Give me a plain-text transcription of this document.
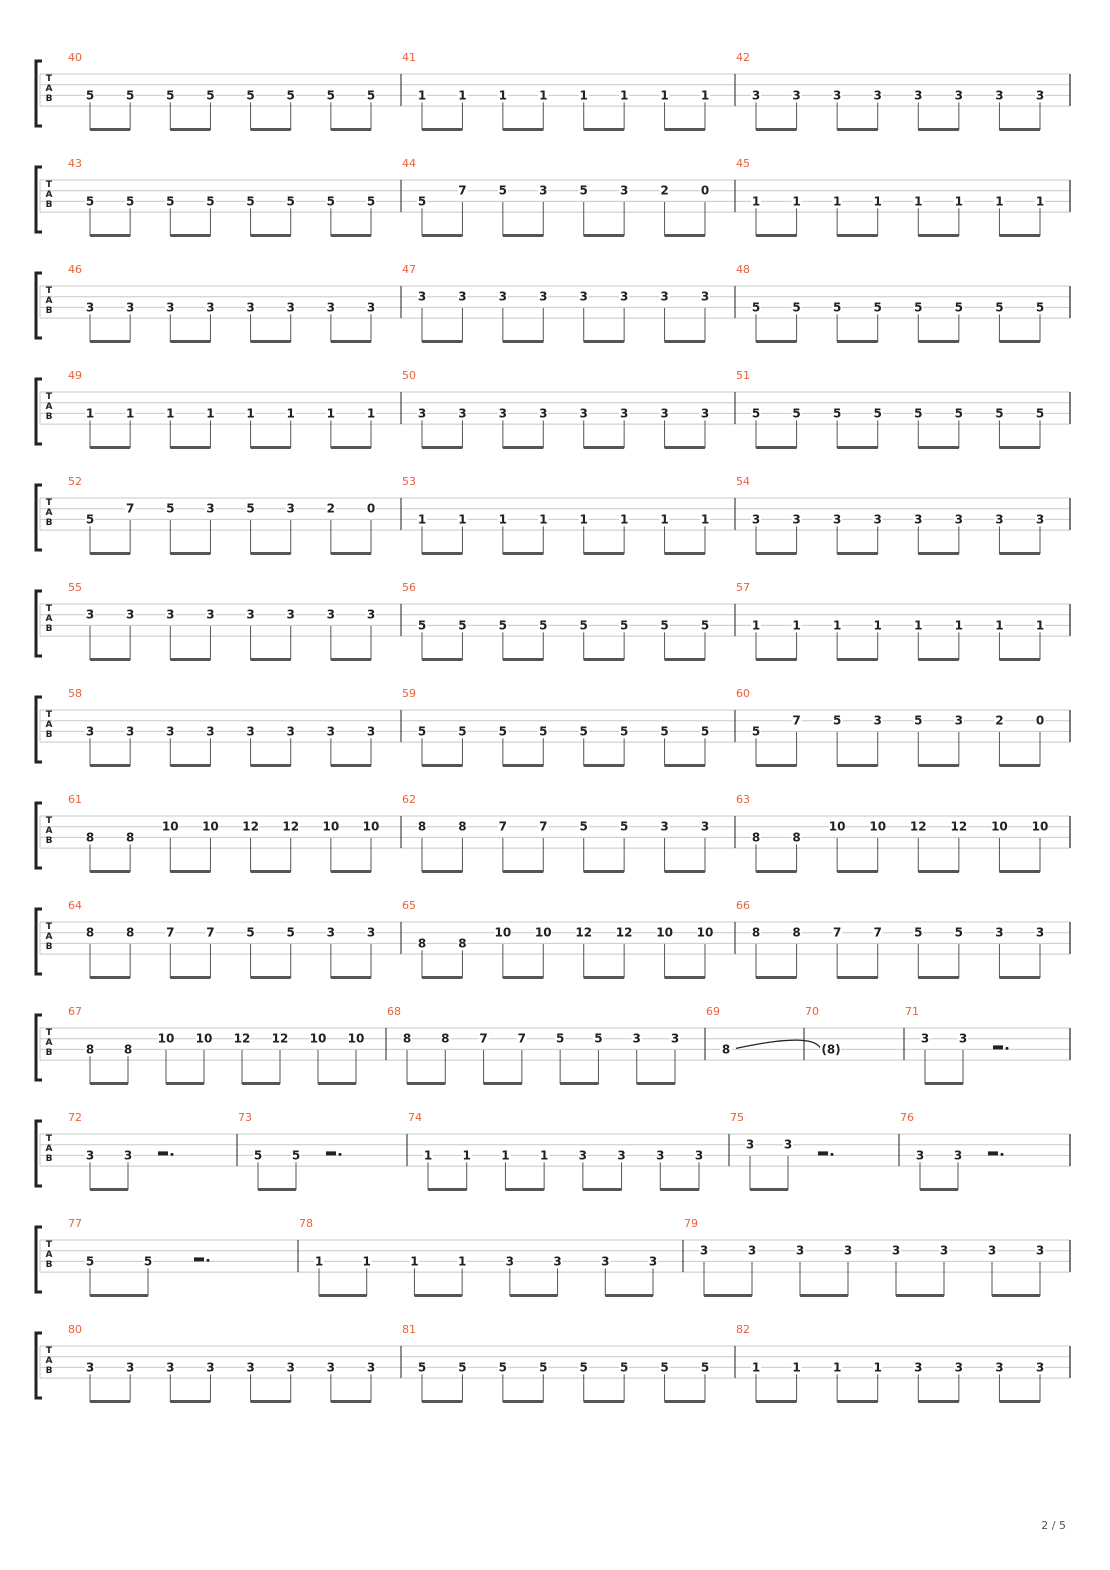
T
A
B
40
5	5	5	5	5	5	5	5
41
1	1	1	1	1	1	1	1
42
3	3	3	3	3	3	3	3
T
A
B
43
5	5	5	5	5	5	5	5
44
5
7	5	3	5	3	2	0
45
1	1	1	1	1	1	1	1
T
A
B
46
3	3	3	3	3	3	3	3
47
3	3	3	3	3	3	3	3
48
5	5	5	5	5	5	5	5
T
A
B
49
1	1	1	1	1	1	1	1
50
3	3	3	3	3	3	3	3
51
5	5	5	5	5	5	5	5
T
A
B
52
5
7	5	3	5	3	2	0
53
1	1	1	1	1	1	1	1
54
3	3	3	3	3	3	3	3
T
A
B
55
3	3	3	3	3	3	3	3
56
5	5	5	5	5	5	5	5
57
1	1	1	1	1	1	1	1
T
A
B
58
3	3	3	3	3	3	3	3
59
5	5	5	5	5	5	5	5
60
5
7	5	3	5	3	2	0
T
A
B
61
8	8
10 10 12 12 10 10
62
8	8	7	7	5	5	3	3
63
8	8
10 10 12 12 10 10
T
A
B
64
8	8	7	7	5	5	3	3
65
8	8
10 10 12 12 10 10
66
8	8	7	7	5	5	3	3
T
A
B
67
8 8
10 10 12 12 10 10
68
8 8 7 7 5 5 3 3
69
8
70
(8)
71
3 3
T
A
B
72
3 3
73
5 5
74
1	1	1	1	3	3	3	3
75
3 3
76
3 3
T
A
B
77
5	5
78
1	1	1	1	3	3	3	3
79
3	3	3	3	3	3	3	3
T
A
B
80
3	3	3	3	3	3	3	3
81
5	5	5	5	5	5	5	5
82
1	1	1	1	3	3	3	3
2 / 5
